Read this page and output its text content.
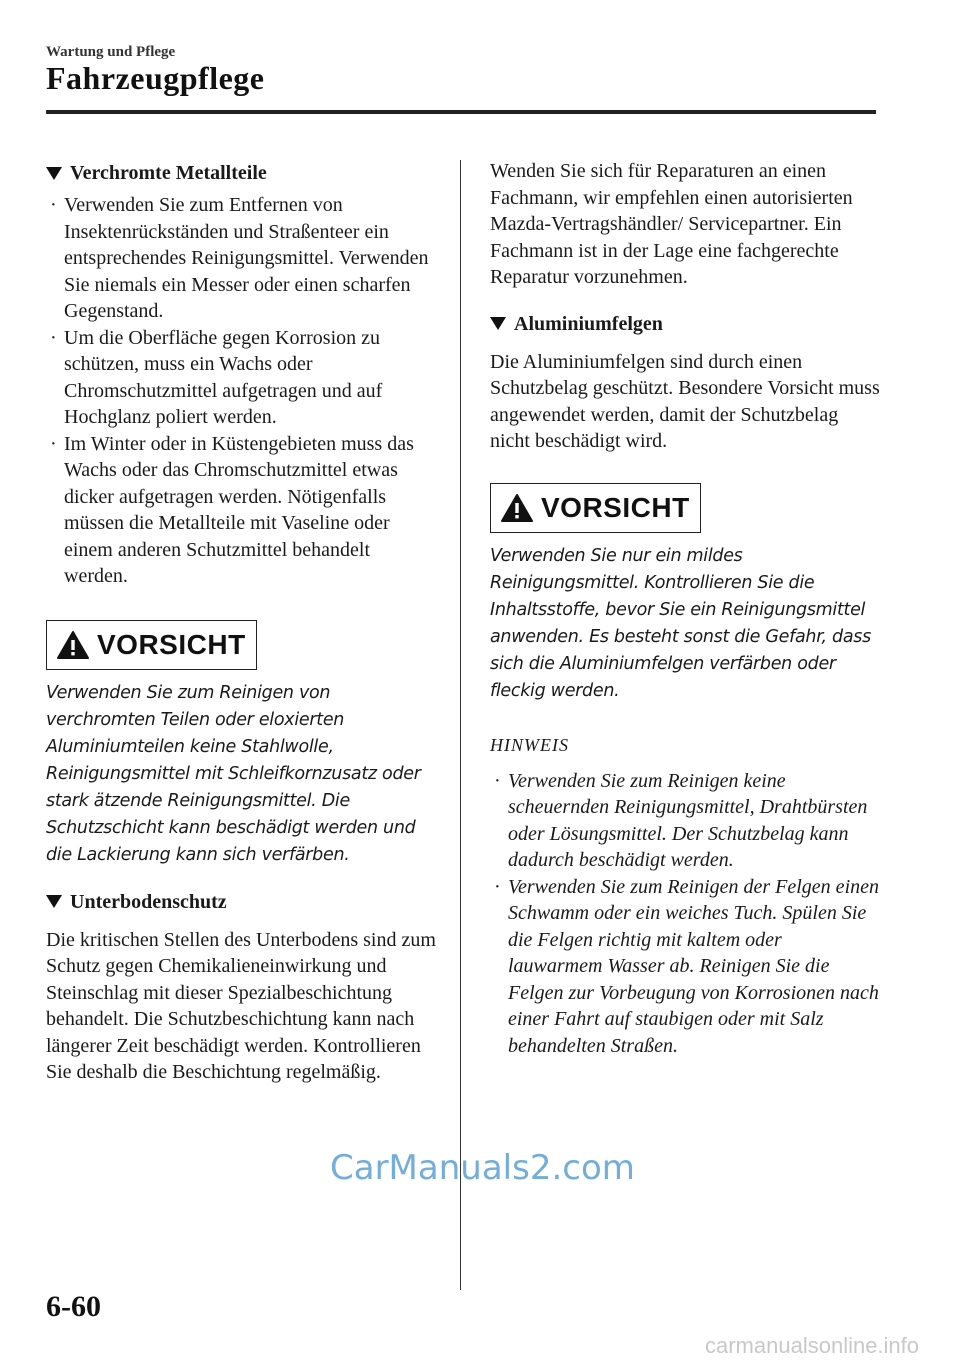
Wartung und Pflege
Fahrzeugpflege
Verchromte Metallteile
· Verwenden Sie zum Entfernen von Insektenrückständen und Straßenteer ein entsprechendes Reinigungsmittel. Verwenden Sie niemals ein Messer oder einen scharfen Gegenstand.
· Um die Oberfläche gegen Korrosion zu schützen, muss ein Wachs oder Chromschutzmittel aufgetragen und auf Hochglanz poliert werden.
· Im Winter oder in Küstengebieten muss das Wachs oder das Chromschutzmittel etwas dicker aufgetragen werden. Nötigenfalls müssen die Metallteile mit Vaseline oder einem anderen Schutzmittel behandelt werden.
VORSICHT

Verwenden Sie zum Reinigen von verchromten Teilen oder eloxierten Aluminiumteilen keine Stahlwolle, Reinigungsmittel mit Schleifkornzusatz oder stark ätzende Reinigungsmittel. Die Schutzschicht kann beschädigt werden und die Lackierung kann sich verfärben.

Unterbodenschutz

Die kritischen Stellen des Unterbodens sind zum Schutz gegen Chemikalieneinwirkung und Steinschlag mit dieser Spezialbeschichtung behandelt. Die Schutzbeschichtung kann nach längerer Zeit beschädigt werden. Kontrollieren Sie deshalb die Beschichtung regelmäßig.

Wenden Sie sich für Reparaturen an einen Fachmann, wir empfehlen einen autorisierten Mazda-Vertragshändler/ Servicepartner. Ein Fachmann ist in der Lage eine fachgerechte Reparatur vorzunehmen.

Aluminiumfelgen

Die Aluminiumfelgen sind durch einen Schutzbelag geschützt. Besondere Vorsicht muss angewendet werden, damit der Schutzbelag nicht beschädigt wird.

VORSICHT

Verwenden Sie nur ein mildes Reinigungsmittel. Kontrollieren Sie die Inhaltsstoffe, bevor Sie ein Reinigungsmittel anwenden. Es besteht sonst die Gefahr, dass sich die Aluminiumfelgen verfärben oder fleckig werden.

HINWEIS
· Verwenden Sie zum Reinigen keine scheuernden Reinigungsmittel, Drahtbürsten oder Lösungsmittel. Der Schutzbelag kann dadurch beschädigt werden.
· Verwenden Sie zum Reinigen der Felgen einen Schwamm oder ein weiches Tuch. Spülen Sie die Felgen richtig mit kaltem oder lauwarmem Wasser ab. Reinigen Sie die Felgen zur Vorbeugung von Korrosionen nach einer Fahrt auf staubigen oder mit Salz behandelten Straßen.
CarManuals2.com
6-60
carmanualsonline.info
